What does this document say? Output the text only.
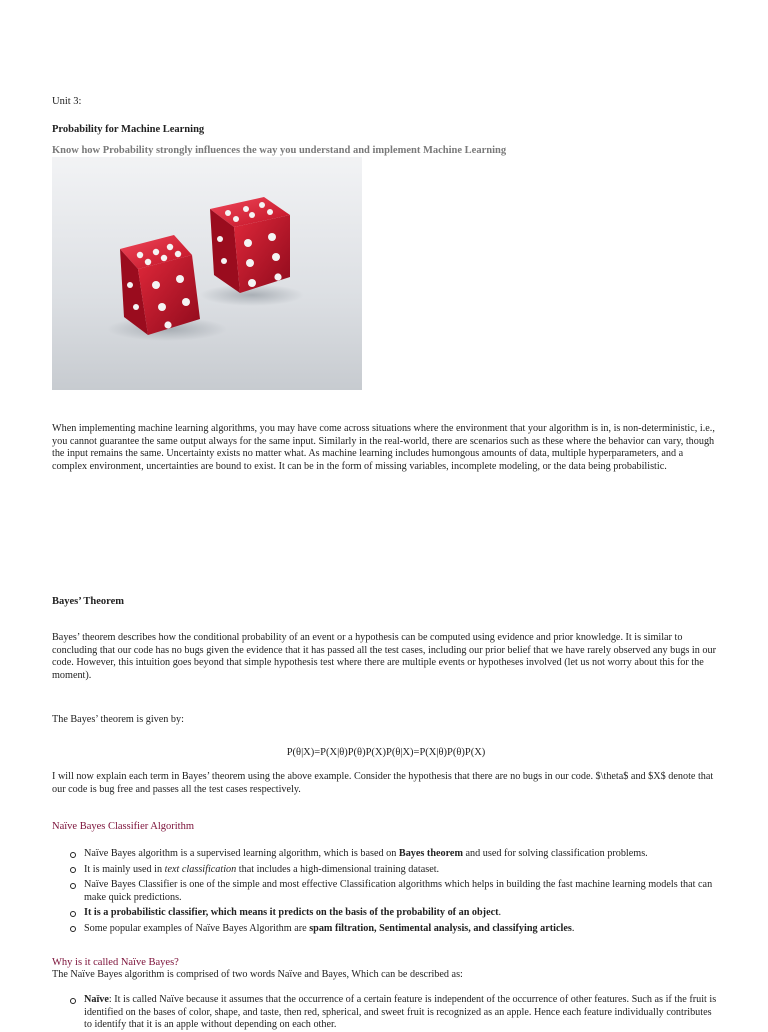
Unit 3:
Probability for Machine Learning
Know how Probability strongly influences the way you understand and implement Machine Learning

When implementing machine learning algorithms, you may have come across situations where the environment that your algorithm is in, is non-deterministic, i.e., you cannot guarantee the same output always for the same input. Similarly in the real-world, there are scenarios such as these where the behavior can vary, though the input remains the same. Uncertainty exists no matter what. As machine learning includes humongous amounts of data, multiple hyperparameters, and a complex environment, uncertainties are bound to exist. It can be in the form of missing variables, incomplete modeling, or the data being probabilistic.

Bayes’ Theorem

Bayes’ theorem describes how the conditional probability of an event or a hypothesis can be computed using evidence and prior knowledge. It is similar to concluding that our code has no bugs given the evidence that it has passed all the test cases, including our prior belief that we have rarely observed any bugs in our code. However, this intuition goes beyond that simple hypothesis test where there are multiple events or hypotheses involved (let us not worry about this for the moment).

The Bayes’ theorem is given by:

P(θ|X)=P(X|θ)P(θ)P(X)P(θ|X)=P(X|θ)P(θ)P(X)

I will now explain each term in Bayes’ theorem using the above example. Consider the hypothesis that there are no bugs in our code. $\theta$ and $X$ denote that our code is bug free and passes all the test cases respectively.

Naïve Bayes Classifier Algorithm
Naïve Bayes algorithm is a supervised learning algorithm, which is based on Bayes theorem and used for solving classification problems.
It is mainly used in text classification that includes a high-dimensional training dataset.
Naïve Bayes Classifier is one of the simple and most effective Classification algorithms which helps in building the fast machine learning models that can make quick predictions.
It is a probabilistic classifier, which means it predicts on the basis of the probability of an object.
Some popular examples of Naïve Bayes Algorithm are spam filtration, Sentimental analysis, and classifying articles.
Why is it called Naïve Bayes?

The Naïve Bayes algorithm is comprised of two words Naïve and Bayes, Which can be described as:

Naïve: It is called Naïve because it assumes that the occurrence of a certain feature is independent of the occurrence of other features. Such as if the fruit is identified on the bases of color, shape, and taste, then red, spherical, and sweet fruit is recognized as an apple. Hence each feature individually contributes to identify that it is an apple without depending on each other.
